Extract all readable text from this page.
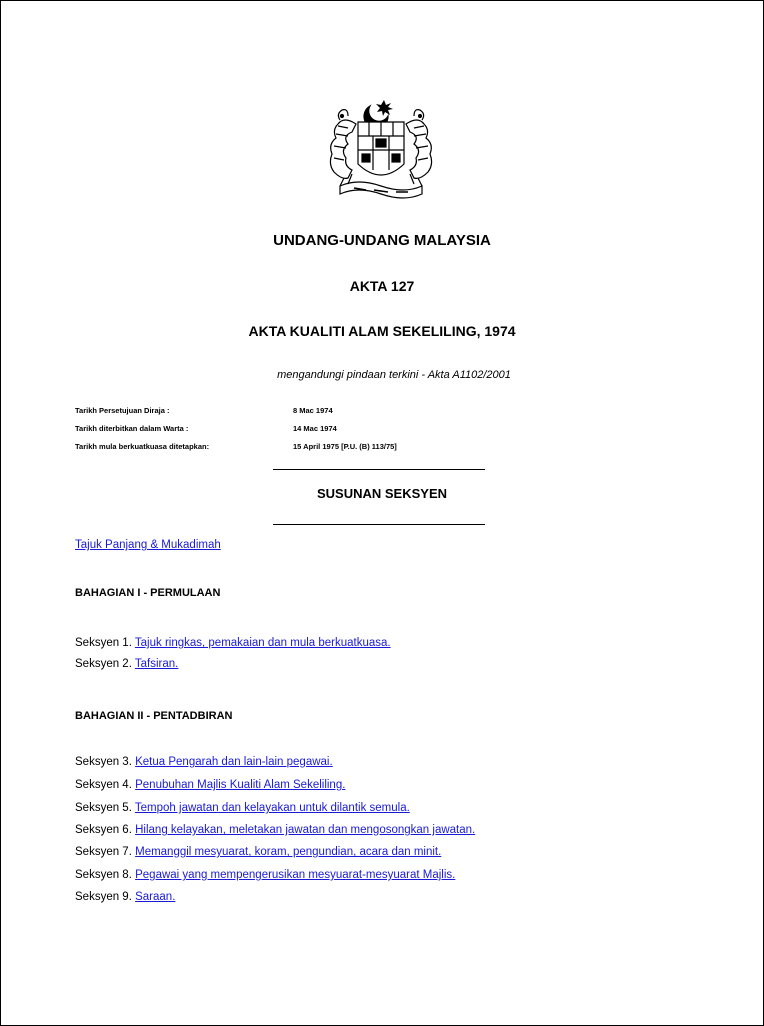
UNDANG-UNDANG MALAYSIA
AKTA 127
AKTA KUALITI ALAM SEKELILING, 1974
mengandungi pindaan terkini - Akta A1102/2001
Tarikh Persetujuan Diraja :	8 Mac 1974
Tarikh diterbitkan dalam Warta :	14 Mac 1974
Tarikh mula berkuatkuasa ditetapkan:	15 April 1975 [P.U. (B) 113/75]
SUSUNAN SEKSYEN
Tajuk Panjang & Mukadimah
BAHAGIAN I - PERMULAAN
Seksyen 1. Tajuk ringkas, pemakaian dan mula berkuatkuasa.
Seksyen 2. Tafsiran.
BAHAGIAN II - PENTADBIRAN
Seksyen 3. Ketua Pengarah dan lain-lain pegawai.
Seksyen 4. Penubuhan Majlis Kualiti Alam Sekeliling.
Seksyen 5. Tempoh jawatan dan kelayakan untuk dilantik semula.
Seksyen 6. Hilang kelayakan, meletakan jawatan dan mengosongkan jawatan.
Seksyen 7. Memanggil mesyuarat, koram, pengundian, acara dan minit.
Seksyen 8. Pegawai yang mempengerusikan mesyuarat-mesyuarat Majlis.
Seksyen 9. Saraan.
